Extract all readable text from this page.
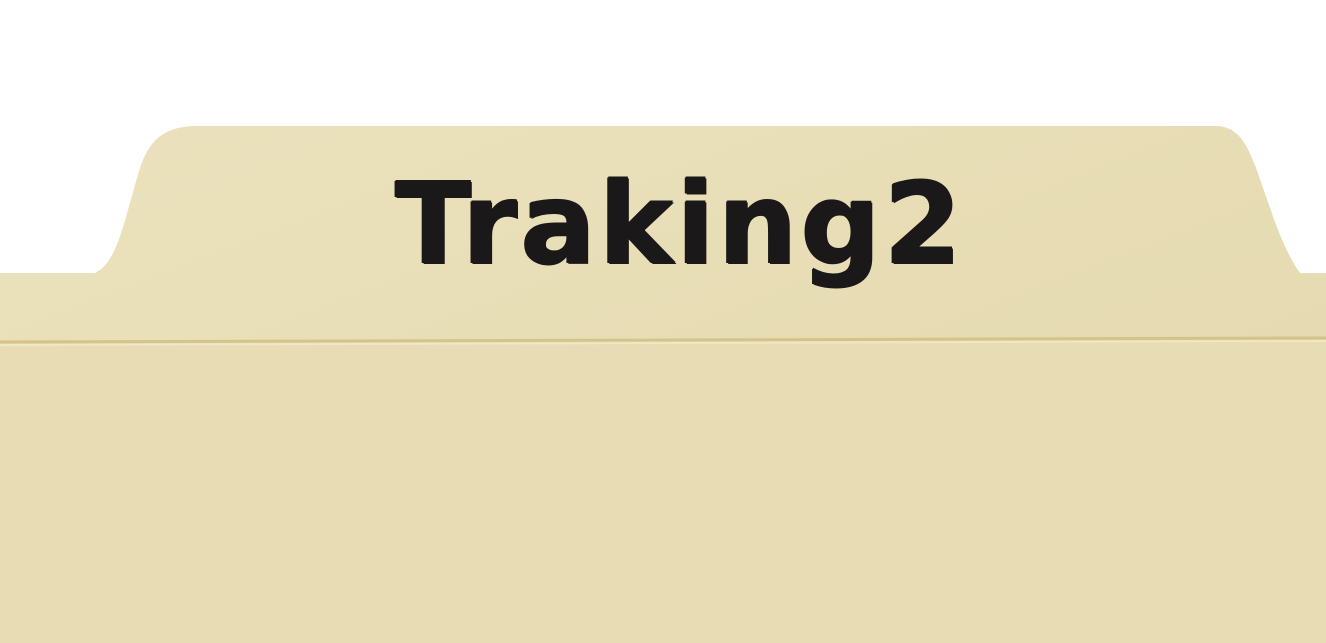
Traking2
